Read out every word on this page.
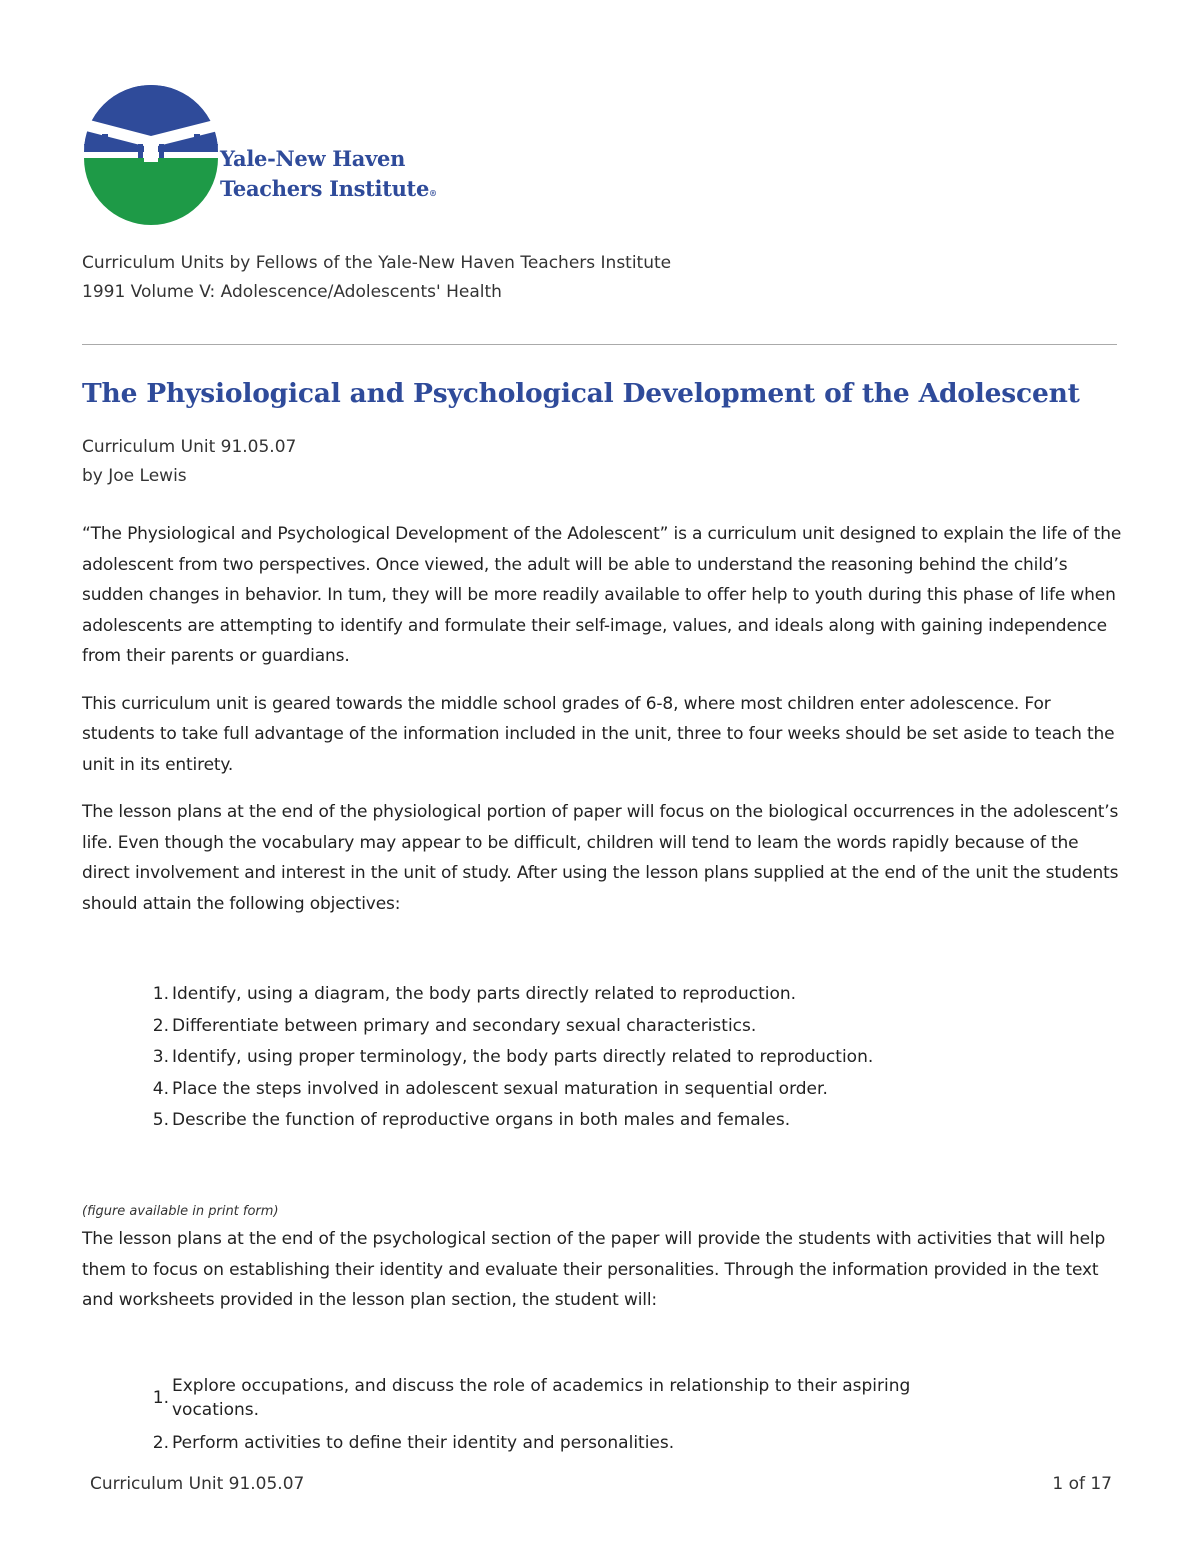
Yale-New Haven
Teachers Institute®
Curriculum Units by Fellows of the Yale-New Haven Teachers Institute
1991 Volume V: Adolescence/Adolescents' Health
The Physiological and Psychological Development of the Adolescent
Curriculum Unit 91.05.07
by Joe Lewis

“The Physiological and Psychological Development of the Adolescent” is a curriculum unit designed to explain the life of the adolescent from two perspectives. Once viewed, the adult will be able to understand the reasoning behind the child’s sudden changes in behavior. In tum, they will be more readily available to offer help to youth during this phase of life when adolescents are attempting to identify and formulate their self-image, values, and ideals along with gaining independence from their parents or guardians.

This curriculum unit is geared towards the middle school grades of 6-8, where most children enter adolescence. For students to take full advantage of the information included in the unit, three to four weeks should be set aside to teach the unit in its entirety.

The lesson plans at the end of the physiological portion of paper will focus on the biological occurrences in the adolescent’s life. Even though the vocabulary may appear to be difficult, children will tend to leam the words rapidly because of the direct involvement and interest in the unit of study. After using the lesson plans supplied at the end of the unit the students should attain the following objectives:

1. Identify, using a diagram, the body parts directly related to reproduction.
2. Differentiate between primary and secondary sexual characteristics.
3. Identify, using proper terminology, the body parts directly related to reproduction.
4. Place the steps involved in adolescent sexual maturation in sequential order.
5. Describe the function of reproductive organs in both males and females.
(figure available in print form)

The lesson plans at the end of the psychological section of the paper will provide the students with activities that will help them to focus on establishing their identity and evaluate their personalities. Through the information provided in the text and worksheets provided in the lesson plan section, the student will:

1.
Explore occupations, and discuss the role of academics in relationship to their aspiring vocations.
2. Perform activities to define their identity and personalities.
Curriculum Unit 91.05.07	1 of 17
